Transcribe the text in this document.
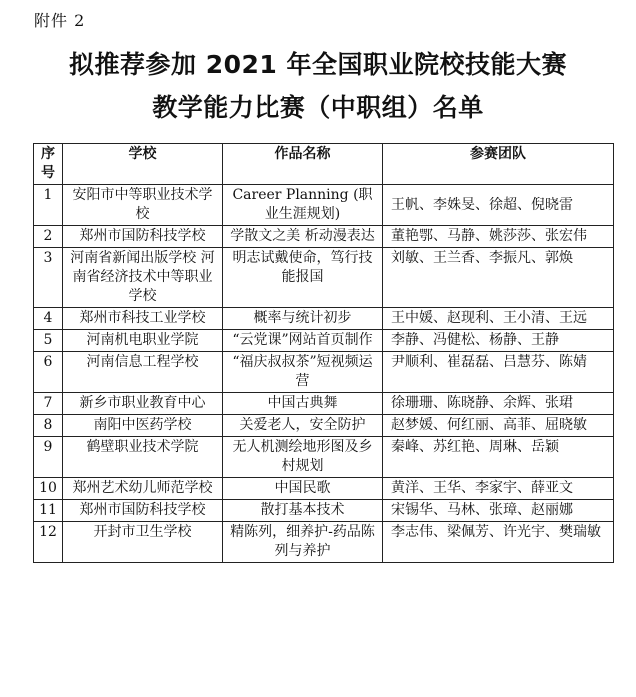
附件 2
拟推荐参加 2021 年全国职业院校技能大赛
教学能力比赛（中职组）名单
序号	学校	作品名称	参赛团队
1	安阳市中等职业技术学校	Career Planning (职业生涯规划)	王帆、李姝旻、徐超、倪晓雷
2	郑州市国防科技学校	学散文之美 析动漫表达	董艳鄂、马静、姚莎莎、张宏伟
3	河南省新闻出版学校 河南省经济技术中等职业学校	明志试戴使命，笃行技能报国	刘敏、王兰香、李振凡、郭焕
4	郑州市科技工业学校	概率与统计初步	王中媛、赵现利、王小清、王远
5	河南机电职业学院	“云党课”网站首页制作	李静、冯健松、杨静、王静
6	河南信息工程学校	“福庆叔叔茶”短视频运营	尹顺利、崔磊磊、吕慧芬、陈婧
7	新乡市职业教育中心	中国古典舞	徐珊珊、陈晓静、余辉、张珺
8	南阳中医药学校	关爱老人，安全防护	赵梦媛、何红丽、高菲、屈晓敏
9	鹤壁职业技术学院	无人机测绘地形图及乡村规划	秦峰、苏红艳、周琳、岳颖
10	郑州艺术幼儿师范学校	中国民歌	黄洋、王华、李家宇、薛亚文
11	郑州市国防科技学校	散打基本技术	宋锡华、马林、张璋、赵丽娜
12	开封市卫生学校	精陈列，细养护-药品陈列与养护	李志伟、梁佩芳、许光宇、樊瑞敏
